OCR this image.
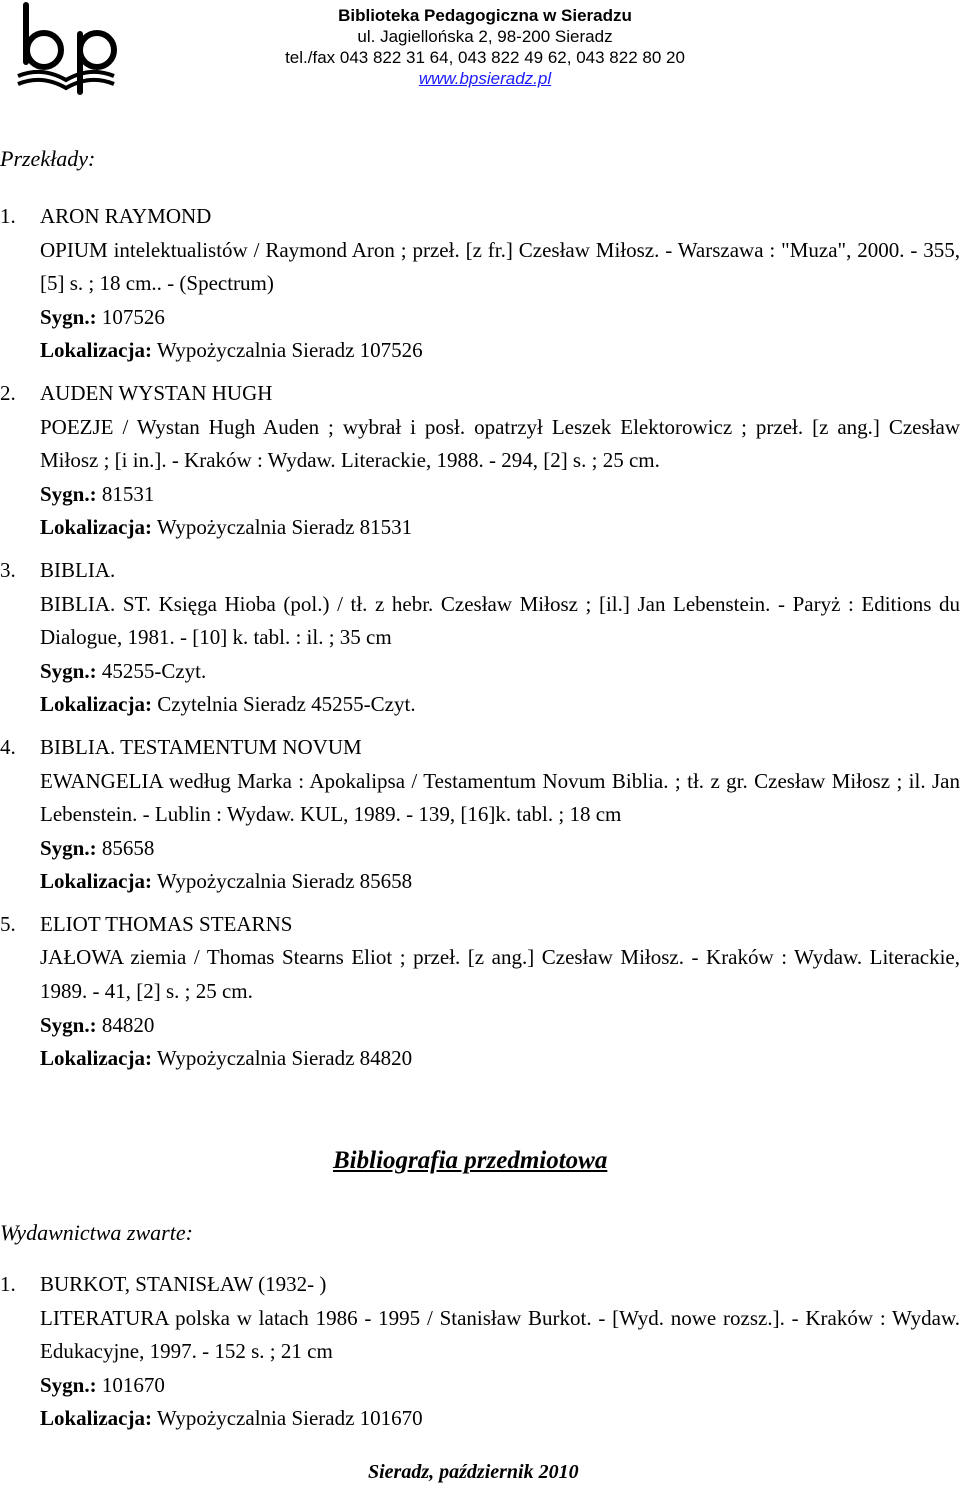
Biblioteka Pedagogiczna w Sieradzu
ul. Jagiellońska 2, 98-200 Sieradz
tel./fax 043 822 31 64, 043 822 49 62, 043 822 80 20
www.bpsieradz.pl
Przekłady:
1.	ARON RAYMOND
OPIUM intelektualistów / Raymond Aron ; przeł. [z fr.] Czesław Miłosz. - Warszawa : "Muza", 2000. - 355, [5] s. ; 18 cm.. - (Spectrum)
Sygn.: 107526
Lokalizacja: Wypożyczalnia Sieradz 107526
2.	AUDEN WYSTAN HUGH
POEZJE / Wystan Hugh Auden ; wybrał i posł. opatrzył Leszek Elektorowicz ; przeł. [z ang.] Czesław Miłosz ; [i in.]. - Kraków : Wydaw. Literackie, 1988. - 294, [2] s. ; 25 cm.
Sygn.: 81531
Lokalizacja: Wypożyczalnia Sieradz 81531
3.	BIBLIA.
BIBLIA. ST. Księga Hioba (pol.) / tł. z hebr. Czesław Miłosz ; [il.] Jan Lebenstein. - Paryż : Editions du Dialogue, 1981. - [10] k. tabl. : il. ; 35 cm
Sygn.: 45255-Czyt.
Lokalizacja: Czytelnia Sieradz 45255-Czyt.
4.	BIBLIA. TESTAMENTUM NOVUM
EWANGELIA według Marka : Apokalipsa / Testamentum Novum Biblia. ; tł. z gr. Czesław Miłosz ; il. Jan Lebenstein. - Lublin : Wydaw. KUL, 1989. - 139, [16]k. tabl. ; 18 cm
Sygn.: 85658
Lokalizacja: Wypożyczalnia Sieradz 85658
5.	ELIOT THOMAS STEARNS
JAŁOWA ziemia / Thomas Stearns Eliot ; przeł. [z ang.] Czesław Miłosz. - Kraków : Wydaw. Literackie, 1989. - 41, [2] s. ; 25 cm.
Sygn.: 84820
Lokalizacja: Wypożyczalnia Sieradz 84820
Bibliografia przedmiotowa
Wydawnictwa zwarte:
1.	BURKOT, STANISŁAW (1932- )
LITERATURA polska w latach 1986 - 1995 / Stanisław Burkot. - [Wyd. nowe rozsz.]. - Kraków : Wydaw. Edukacyjne, 1997. - 152 s. ; 21 cm
Sygn.: 101670
Lokalizacja: Wypożyczalnia Sieradz 101670
Sieradz, październik 2010
